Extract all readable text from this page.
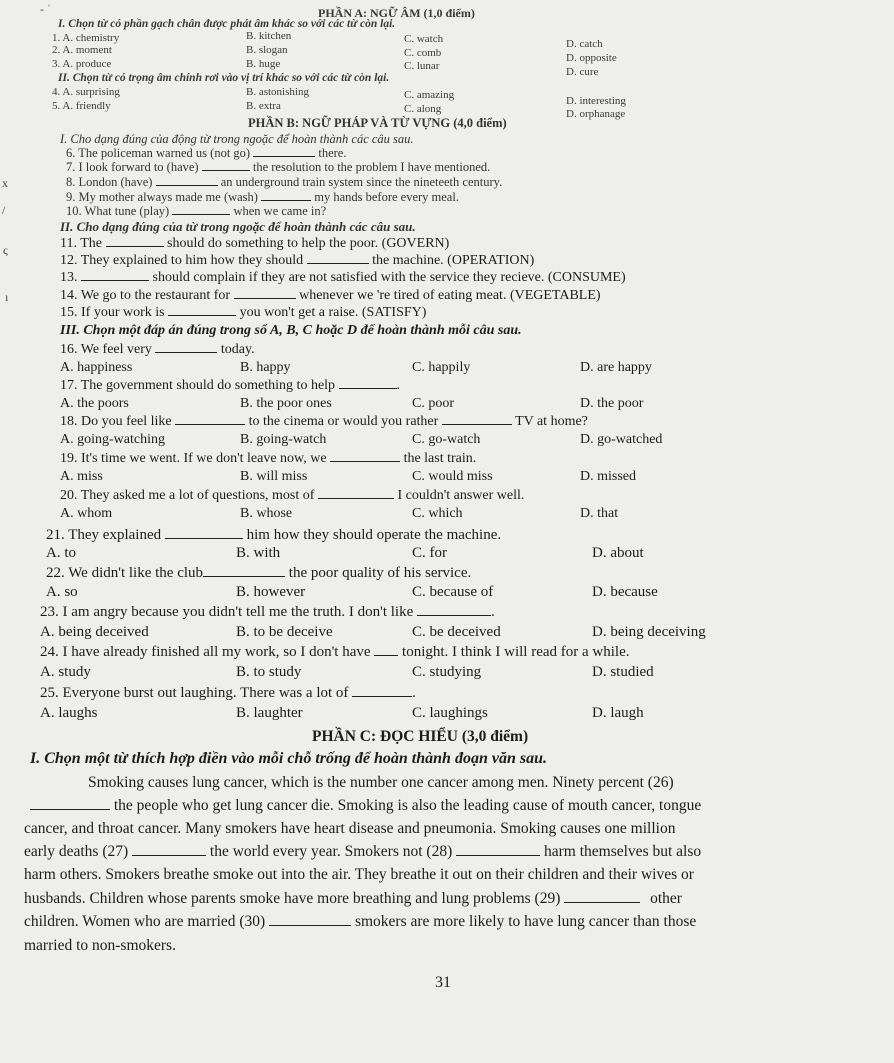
- ˈ
x
/
ς
ı
PHẦN A: NGỮ ÂM (1,0 điểm)
I. Chọn từ có phần gạch chân được phát âm khác so với các từ còn lại.
1. A. chemistry	B. kitchen	C. watch	D. catch
2. A. moment	B. slogan	C. comb	D. opposite
3. A. produce	B. huge	C. lunar	D. cure
II. Chọn từ có trọng âm chính rơi vào vị trí khác so với các từ còn lại.
4. A. surprising	B. astonishing	C. amazing	D. interesting
5. A. friendly	B. extra	C. along	D. orphanage
PHẦN B: NGỮ PHÁP VÀ TỪ VỰNG (4,0 điểm)
I. Cho dạng đúng của động từ trong ngoặc để hoàn thành các câu sau.
6. The policeman warned us (not go)	there.
7. I look forward to (have)	the resolution to the problem I have mentioned.
8. London (have)	an underground train system since the nineteeth century.
9. My mother always made me (wash)	my hands before every meal.
10. What tune (play)	when we came in?
II. Cho dạng đúng của từ trong ngoặc để hoàn thành các câu sau.
11. The	should do something to help the poor. (GOVERN)
12. They explained to him how they should	the machine. (OPERATION)
13.	should complain if they are not satisfied with the service they recieve. (CONSUME)
14. We go to the restaurant for	whenever we 're tired of eating meat. (VEGETABLE)
15. If your work is	you won't get a raise. (SATISFY)
III. Chọn một đáp án đúng trong số A, B, C hoặc D để hoàn thành mỗi câu sau.
16. We feel very	today.
A. happiness	B. happy	C. happily	D. are happy
17. The government should do something to help	.
A. the poors	B. the poor ones	C. poor	D. the poor
18. Do you feel like	to the cinema or would you rather	TV at home?
A. going-watching	B. going-watch	C. go-watch	D. go-watched
19. It's time we went. If we don't leave now, we	the last train.
A. miss	B. will miss	C. would miss	D. missed
20. They asked me a lot of questions, most of	I couldn't answer well.
A. whom	B. whose	C. which	D. that
21. They explained	him how they should operate the machine.
A. to	B. with	C. for	D. about
22. We didn't like the club	the poor quality of his service.
A. so	B. however	C. because of	D. because
23. I am angry because you didn't tell me the truth. I don't like	.
A. being deceived	B. to be deceive	C. be deceived	D. being deceiving
24. I have already finished all my work, so I don't have tonight. I think I will read for a while.
A. study	B. to study	C. studying	D. studied
25. Everyone burst out laughing. There was a lot of	.
A. laughs	B. laughter	C. laughings	D. laugh
PHẦN C: ĐỌC HIỂU (3,0 điểm)
I. Chọn một từ thích hợp điền vào mỗi chỗ trống để hoàn thành đoạn văn sau.
Smoking causes lung cancer, which is the number one cancer among men. Ninety percent (26)
the people who get lung cancer die. Smoking is also the leading cause of mouth cancer, tongue
cancer, and throat cancer. Many smokers have heart disease and pneumonia. Smoking causes one million
early deaths (27)	the world every year. Smokers not (28)	harm themselves but also
harm others. Smokers breathe smoke out into the air. They breathe it out on their children and their wives or
husbands. Children whose parents smoke have more breathing and lung problems (29)	other
children. Women who are married (30)	smokers are more likely to have lung cancer than those
married to non-smokers.
31
